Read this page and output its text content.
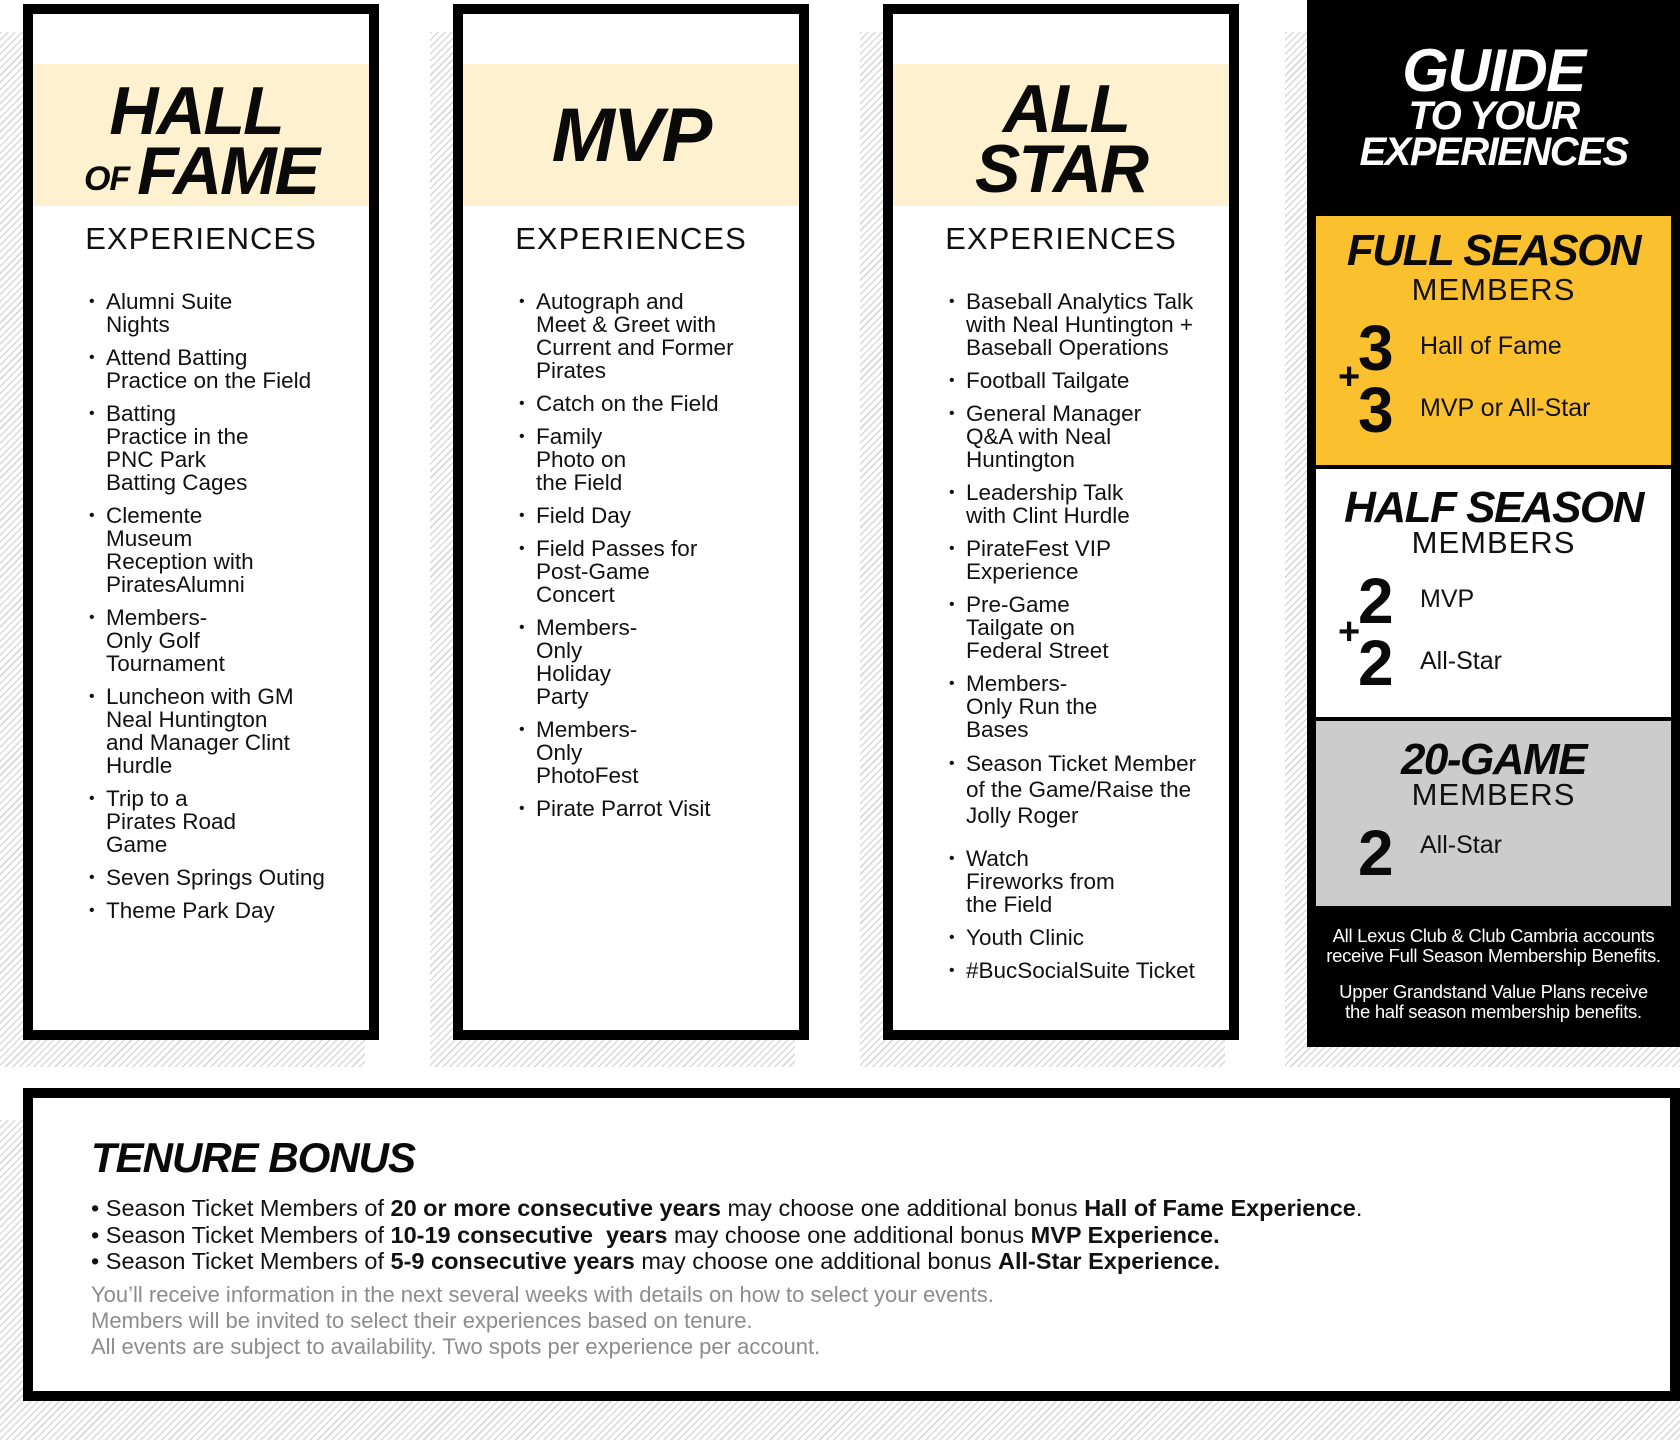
HALL
OF FAME
EXPERIENCES
• Alumni Suite Nights
• Attend Batting Practice on the Field
• Batting Practice in the PNC Park Batting Cages
• Clemente Museum Reception with PiratesAlumni
• Members-Only Golf Tournament
• Luncheon with GM Neal Huntington and Manager Clint Hurdle
• Trip to a Pirates Road Game
• Seven Springs Outing
• Theme Park Day
MVP
EXPERIENCES
• Autograph and Meet & Greet with Current and Former Pirates
• Catch on the Field
• Family Photo on the Field
• Field Day
• Field Passes for Post-Game Concert
• Members-Only Holiday Party
• Members-Only PhotoFest
• Pirate Parrot Visit
ALL
STAR
EXPERIENCES
• Baseball Analytics Talk with Neal Huntington + Baseball Operations
• Football Tailgate
• General Manager Q&A with Neal Huntington
• Leadership Talk with Clint Hurdle
• PirateFest VIP Experience
• Pre-Game Tailgate on Federal Street
• Members-Only Run the Bases
• Season Ticket Member of the Game/Raise the Jolly Roger
• Watch Fireworks from the Field
• Youth Clinic
• #BucSocialSuite Ticket
GUIDE
TO YOUR
EXPERIENCES
FULL SEASON
MEMBERS
3 Hall of Fame
+
3 MVP or All-Star
HALF SEASON
MEMBERS
2 MVP
+
2 All-Star
20-GAME
MEMBERS
2 All-Star
All Lexus Club & Club Cambria accounts
receive Full Season Membership Benefits.
Upper Grandstand Value Plans receive
the half season membership benefits.
TENURE BONUS
• Season Ticket Members of 20 or more consecutive years may choose one additional bonus Hall of Fame Experience.
• Season Ticket Members of 10-19 consecutive  years may choose one additional bonus MVP Experience.
• Season Ticket Members of 5-9 consecutive years may choose one additional bonus All-Star Experience.
You’ll receive information in the next several weeks with details on how to select your events.
Members will be invited to select their experiences based on tenure.
All events are subject to availability. Two spots per experience per account.
